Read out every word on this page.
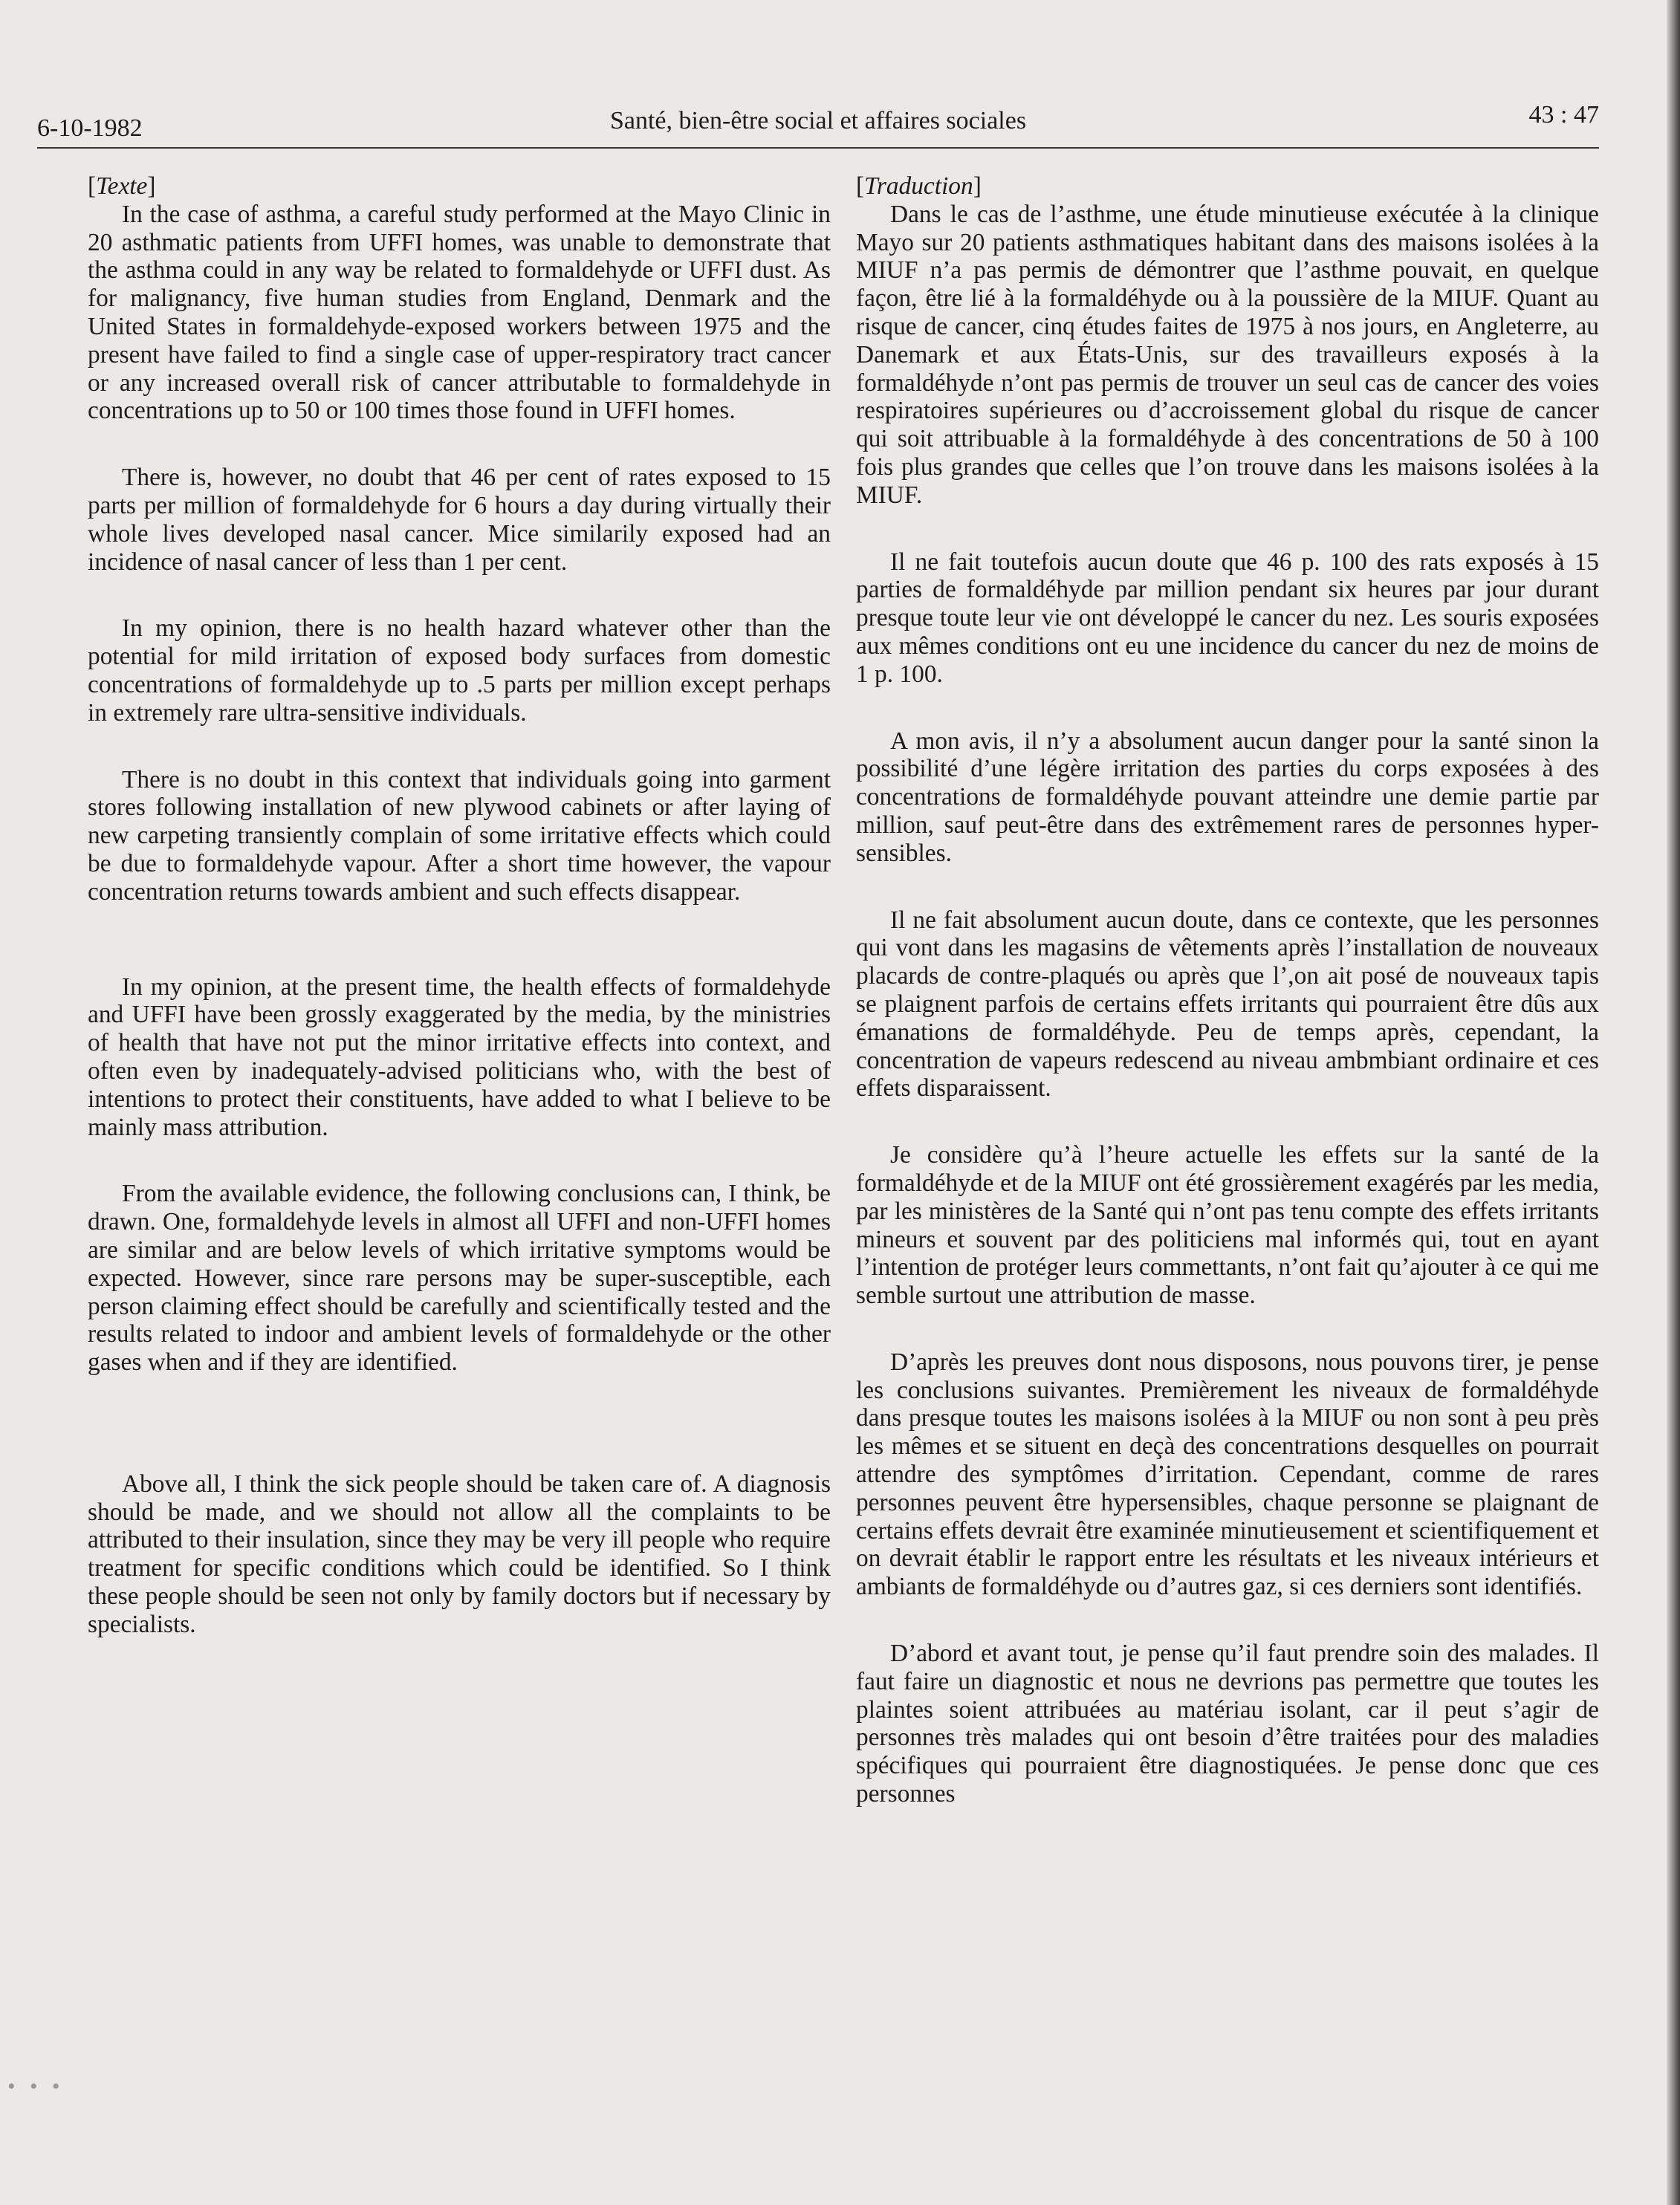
6-10-1982	Santé, bien-être social et affaires sociales	43 : 47

[Texte]

In the case of asthma, a careful study performed at the Mayo Clinic in 20 asthmatic patients from UFFI homes, was unable to demonstrate that the asthma could in any way be related to formaldehyde or UFFI dust. As for malignancy, five human studies from England, Denmark and the United States in formaldehyde-exposed workers between 1975 and the present have failed to find a single case of upper-respiratory tract cancer or any increased overall risk of cancer attributable to formaldehyde in concentrations up to 50 or 100 times those found in UFFI homes.

There is, however, no doubt that 46 per cent of rates exposed to 15 parts per million of formaldehyde for 6 hours a day during virtually their whole lives developed nasal cancer. Mice similarily exposed had an incidence of nasal cancer of less than 1 per cent.

In my opinion, there is no health hazard whatever other than the potential for mild irritation of exposed body surfaces from domestic concentrations of formaldehyde up to .5 parts per million except perhaps in extremely rare ultra-sensitive individuals.

There is no doubt in this context that individuals going into garment stores following installation of new plywood cabinets or after laying of new carpeting transiently complain of some irritative effects which could be due to formaldehyde vapour. After a short time however, the vapour concentration returns towards ambient and such effects disappear.

In my opinion, at the present time, the health effects of formaldehyde and UFFI have been grossly exaggerated by the media, by the ministries of health that have not put the minor irritative effects into context, and often even by inadequately-advised politicians who, with the best of intentions to protect their constituents, have added to what I believe to be mainly mass attribution.

From the available evidence, the following conclusions can, I think, be drawn. One, formaldehyde levels in almost all UFFI and non-UFFI homes are similar and are below levels of which irritative symptoms would be expected. However, since rare persons may be super-susceptible, each person claiming effect should be carefully and scientifically tested and the results related to indoor and ambient levels of formaldehyde or the other gases when and if they are identified.

Above all, I think the sick people should be taken care of. A diagnosis should be made, and we should not allow all the complaints to be attributed to their insulation, since they may be very ill people who require treatment for specific conditions which could be identified. So I think these people should be seen not only by family doctors but if necessary by specialists.

[Traduction]

Dans le cas de l’asthme, une étude minutieuse exécutée à la clinique Mayo sur 20 patients asthmatiques habitant dans des maisons isolées à la MIUF n’a pas permis de démontrer que l’asthme pouvait, en quelque façon, être lié à la formaldéhyde ou à la poussière de la MIUF. Quant au risque de cancer, cinq études faites de 1975 à nos jours, en Angleterre, au Danemark et aux États-Unis, sur des travailleurs exposés à la formaldéhyde n’ont pas permis de trouver un seul cas de cancer des voies respiratoires supérieures ou d’accroissement global du risque de cancer qui soit attribuable à la formaldéhyde à des concentrations de 50 à 100 fois plus grandes que celles que l’on trouve dans les maisons isolées à la MIUF.

Il ne fait toutefois aucun doute que 46 p. 100 des rats exposés à 15 parties de formaldéhyde par million pendant six heures par jour durant presque toute leur vie ont développé le cancer du nez. Les souris exposées aux mêmes conditions ont eu une incidence du cancer du nez de moins de 1 p. 100.

A mon avis, il n’y a absolument aucun danger pour la santé sinon la possibilité d’une légère irritation des parties du corps exposées à des concentrations de formaldéhyde pouvant atteindre une demie partie par million, sauf peut-être dans des extrêmement rares de personnes hyper-sensibles.

Il ne fait absolument aucun doute, dans ce contexte, que les personnes qui vont dans les magasins de vêtements après l’installation de nouveaux placards de contre-plaqués ou après que l’,on ait posé de nouveaux tapis se plaignent parfois de certains effets irritants qui pourraient être dûs aux émanations de formaldéhyde. Peu de temps après, cependant, la concentration de vapeurs redescend au niveau ambmbiant ordinaire et ces effets disparaissent.

Je considère qu’à l’heure actuelle les effets sur la santé de la formaldéhyde et de la MIUF ont été grossièrement exagérés par les media, par les ministères de la Santé qui n’ont pas tenu compte des effets irritants mineurs et souvent par des politiciens mal informés qui, tout en ayant l’intention de protéger leurs commettants, n’ont fait qu’ajouter à ce qui me semble surtout une attribution de masse.

D’après les preuves dont nous disposons, nous pouvons tirer, je pense les conclusions suivantes. Premièrement les niveaux de formaldéhyde dans presque toutes les maisons isolées à la MIUF ou non sont à peu près les mêmes et se situent en deçà des concentrations desquelles on pourrait attendre des symptômes d’irritation. Cependant, comme de rares personnes peuvent être hypersensibles, chaque personne se plaignant de certains effets devrait être examinée minutieusement et scientifiquement et on devrait établir le rapport entre les résultats et les niveaux intérieurs et ambiants de formaldéhyde ou d’autres gaz, si ces derniers sont identifiés.

D’abord et avant tout, je pense qu’il faut prendre soin des malades. Il faut faire un diagnostic et nous ne devrions pas permettre que toutes les plaintes soient attribuées au matériau isolant, car il peut s’agir de personnes très malades qui ont besoin d’être traitées pour des maladies spécifiques qui pourraient être diagnostiquées. Je pense donc que ces personnes

• • •
